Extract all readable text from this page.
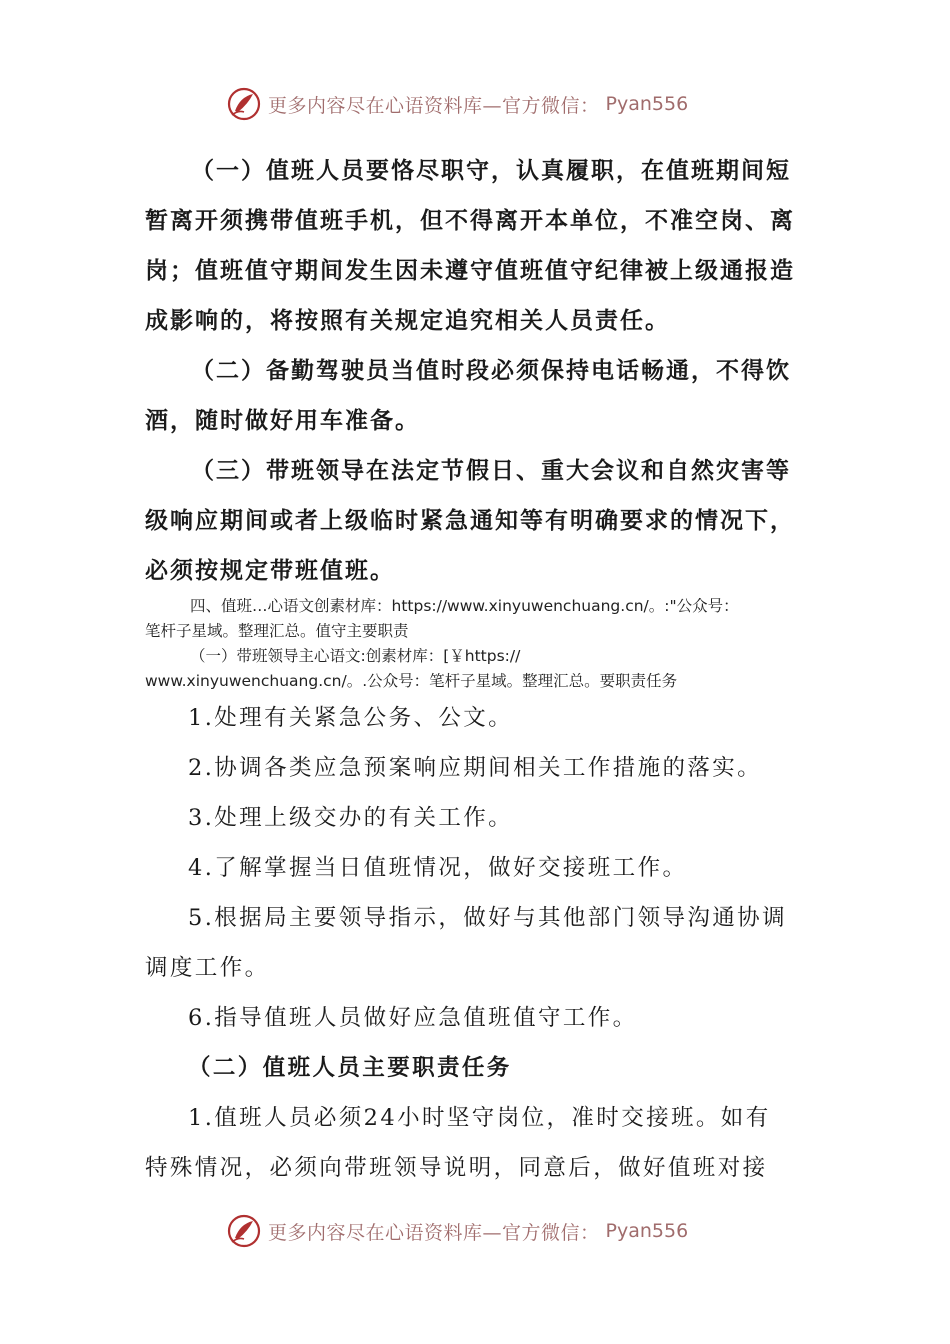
更多内容尽在心语资料库—官方微信： Pyan556
（一）值班人员要恪尽职守，认真履职，在值班期间短暂离开须携带值班手机，但不得离开本单位，不准空岗、离岗；值班值守期间发生因未遵守值班值守纪律被上级通报造成影响的，将按照有关规定追究相关人员责任。
（二）备勤驾驶员当值时段必须保持电话畅通，不得饮酒，随时做好用车准备。
（三）带班领导在法定节假日、重大会议和自然灾害等级响应期间或者上级临时紧急通知等有明确要求的情况下，必须按规定带班值班。
四、值班…心语文创素材库：https://www.xinyuwenchuang.cn/。:"公众号：
笔杆子星域。整理汇总。值守主要职责
（一）带班领导主心语文:创素材库：[￥https://
www.xinyuwenchuang.cn/。.公众号：笔杆子星域。整理汇总。要职责任务
1.处理有关紧急公务、公文。
2.协调各类应急预案响应期间相关工作措施的落实。
3.处理上级交办的有关工作。
4.了解掌握当日值班情况，做好交接班工作。
5.根据局主要领导指示，做好与其他部门领导沟通协调
调度工作。
6.指导值班人员做好应急值班值守工作。
（二）值班人员主要职责任务
1.值班人员必须24小时坚守岗位，准时交接班。如有
特殊情况，必须向带班领导说明，同意后，做好值班对接
更多内容尽在心语资料库—官方微信： Pyan556
